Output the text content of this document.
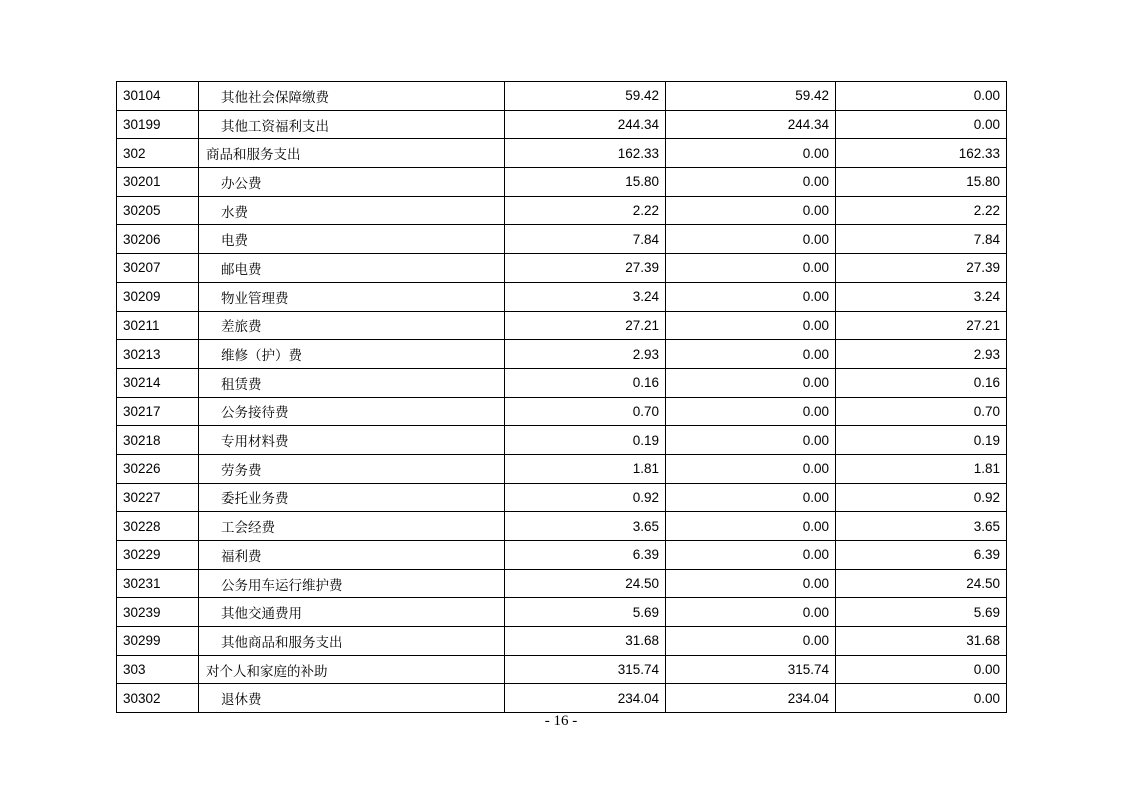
30104	其他社会保障缴费	59.42	59.42	0.00
30199	其他工资福利支出	244.34	244.34	0.00
302	商品和服务支出	162.33	0.00	162.33
30201	办公费	15.80	0.00	15.80
30205	水费	2.22	0.00	2.22
30206	电费	7.84	0.00	7.84
30207	邮电费	27.39	0.00	27.39
30209	物业管理费	3.24	0.00	3.24
30211	差旅费	27.21	0.00	27.21
30213	维修（护）费	2.93	0.00	2.93
30214	租赁费	0.16	0.00	0.16
30217	公务接待费	0.70	0.00	0.70
30218	专用材料费	0.19	0.00	0.19
30226	劳务费	1.81	0.00	1.81
30227	委托业务费	0.92	0.00	0.92
30228	工会经费	3.65	0.00	3.65
30229	福利费	6.39	0.00	6.39
30231	公务用车运行维护费	24.50	0.00	24.50
30239	其他交通费用	5.69	0.00	5.69
30299	其他商品和服务支出	31.68	0.00	31.68
303	对个人和家庭的补助	315.74	315.74	0.00
30302	退休费	234.04	234.04	0.00
- 16 -
